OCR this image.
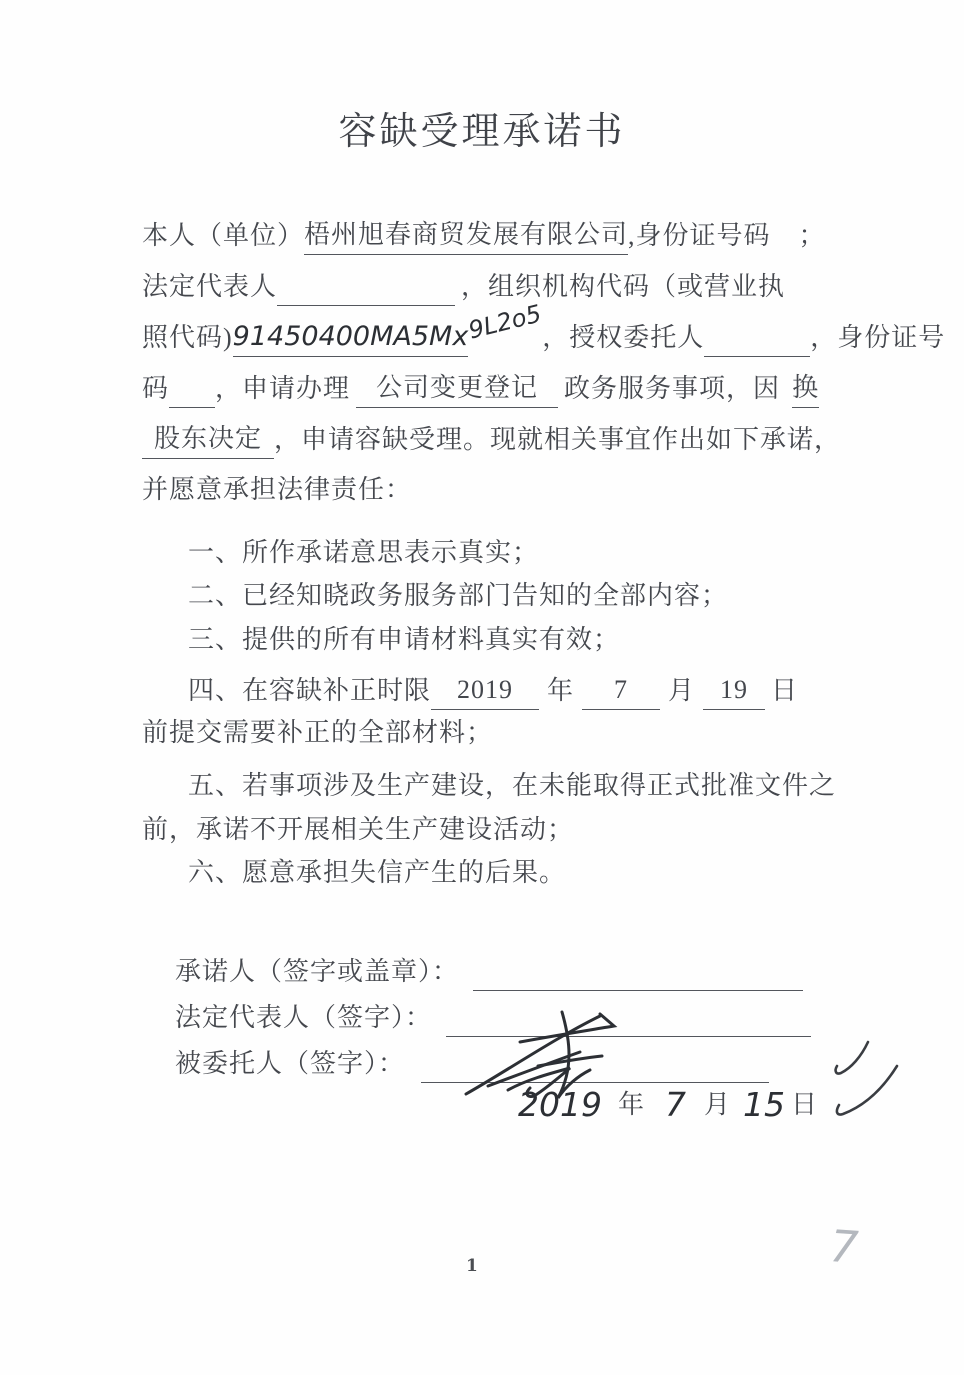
容缺受理承诺书
本人（单位）梧州旭春商贸发展有限公司,身份证号码 ；
法定代表人	，组织机构代码（或营业执
照代码)91450400MA5Mx9L2o5，授权委托人	，身份证号
码 ，申请办理 公司变更登记 政务服务事项，因 换
股东决定 ，申请容缺受理。现就相关事宜作出如下承诺，
并愿意承担法律责任：
一、所作承诺意思表示真实；
二、已经知晓政务服务部门告知的全部内容；
三、提供的所有申请材料真实有效；
四、在容缺补正时限 2019 年 7 月 19 日
前提交需要补正的全部材料；
五、若事项涉及生产建设，在未能取得正式批准文件之
前，承诺不开展相关生产建设活动；
六、愿意承担失信产生的后果。
承诺人（签字或盖章）：
法定代表人（签字）：
被委托人（签字）：
2019 年 7 月 15 日
7
1
